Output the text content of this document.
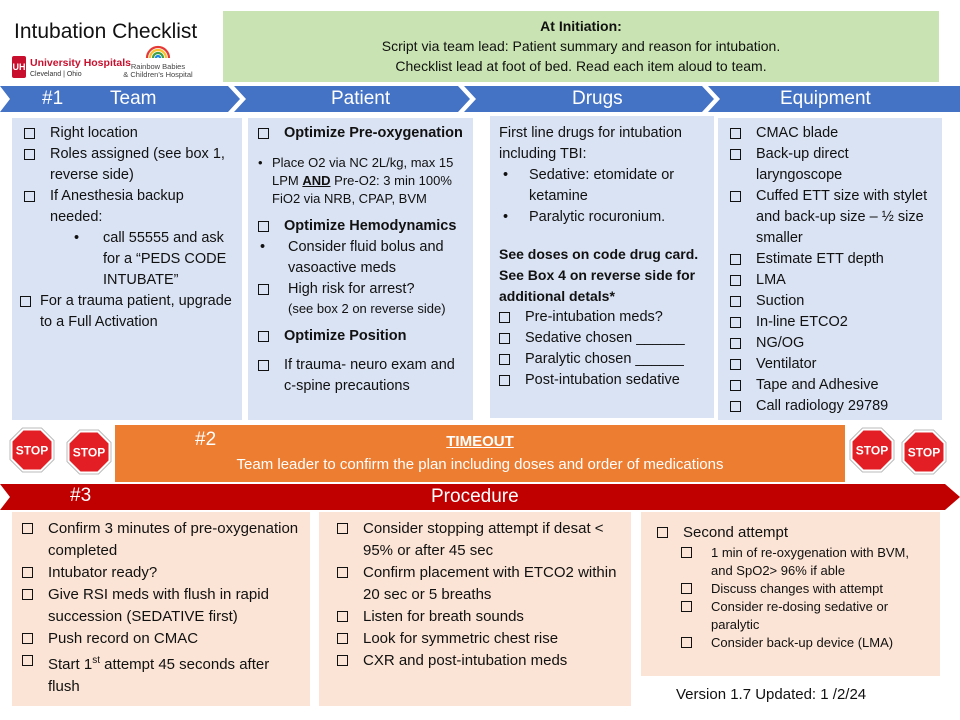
Intubation Checklist
UH University Hospitals
Cleveland | Ohio
Rainbow Babies
& Children's Hospital
At Initiation:
Script via team lead: Patient summary and reason for intubation.
Checklist lead at foot of bed. Read each item aloud to team.
#1 Team	Patient	Drugs	Equipment
Right location
Roles assigned (see box 1, reverse side)
If Anesthesia backup needed:
• call 55555 and ask for a “PEDS CODE INTUBATE”
For a trauma patient, upgrade to a Full Activation
Optimize Pre-oxygenation
• Place O2 via NC 2L/kg, max 15 LPM AND Pre-O2: 3 min 100% FiO2 via NRB, CPAP, BVM
Optimize Hemodynamics
• Consider fluid bolus and vasoactive meds
High risk for arrest?
(see box 2 on reverse side)
Optimize Position
If trauma- neuro exam and c-spine precautions
First line drugs for intubation including TBI:
• Sedative: etomidate or ketamine
• Paralytic rocuronium.
See doses on code drug card. See Box 4 on reverse side for additional detals*
Pre-intubation meds?
Sedative chosen ______
Paralytic chosen ______
Post-intubation sedative
CMAC blade
Back-up direct laryngoscope
Cuffed ETT size with stylet and back-up size – ½ size smaller
Estimate ETT depth
LMA
Suction
In-line ETCO2
NG/OG
Ventilator
Tape and Adhesive
Call radiology 29789
STOP STOP	STOP STOP
#2	TIMEOUT
Team leader to confirm the plan including doses and order of medications
#3	Procedure
Confirm 3 minutes of pre-oxygenation completed
Intubator ready?
Give RSI meds with flush in rapid succession (SEDATIVE first)
Push record on CMAC
Start 1st attempt 45 seconds after flush
Consider stopping attempt if desat < 95% or after 45 sec
Confirm placement with ETCO2 within 20 sec or 5 breaths
Listen for breath sounds
Look for symmetric chest rise
CXR and post-intubation meds
Second attempt
1 min of re-oxygenation with BVM, and SpO2> 96% if able
Discuss changes with attempt
Consider re-dosing sedative or paralytic
Consider back-up device (LMA)
Version 1.7 Updated: 1 /2/24
